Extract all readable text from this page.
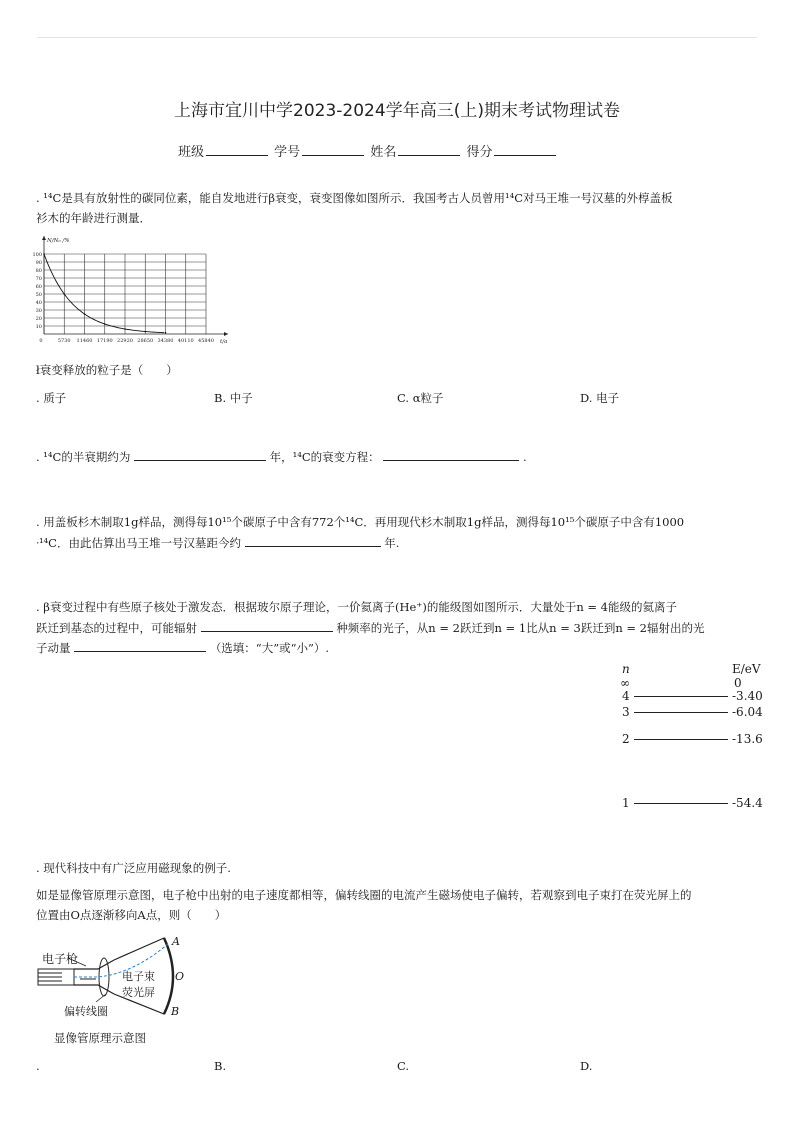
上海市宜川中学2023-2024学年高三(上)期末考试物理试卷
班级	学号	姓名	得分
. ¹⁴C是具有放射性的碳同位素，能自发地进行β衰变，衰变图像如图所示．我国考古人员曾用¹⁴C对马王堆一号汉墓的外椁盖板
衫木的年龄进行测量．
10
20
30
40
50
60
70
80
90
100
0	5730 11460 17190 22920 28650 34380 40110 45840
N/N₀ /%
t/a
ł衰变释放的粒子是（　　）
. 质子	B. 中子	C. α粒子	D. 电子
. ¹⁴C的半衰期约为	年，¹⁴C的衰变方程：	.
. 用盖板杉木制取1g样品，测得每10¹⁵个碳原子中含有772个¹⁴C．再用现代杉木制取1g样品，测得每10¹⁵个碳原子中含有1000
ᐧ¹⁴C．由此估算出马王堆一号汉墓距今约	年.
. β衰变过程中有些原子核处于激发态．根据玻尔原子理论，一价氦离子(He⁺)的能级图如图所示．大量处于n = 4能级的氦离子
跃迁到基态的过程中，可能辐射	种频率的光子，从n = 2跃迁到n = 1比从n = 3跃迁到n = 2辐射出的光
子动量	（选填：“大”或“小”）.
n	E/eV
∞	0
4	-3.40
3	-6.04
2	-13.6
1	-54.4
. 现代科技中有广泛应用磁现象的例子.
如是显像管原理示意图，电子枪中出射的电子速度都相等，偏转线圈的电流产生磁场使电子偏转，若观察到电子束打在荧光屏上的
位置由O点逐渐移向A点，则（　　）
电子枪
电子束
荧光屏
偏转线圈
A
O
B
显像管原理示意图
.	B.	C.	D.
